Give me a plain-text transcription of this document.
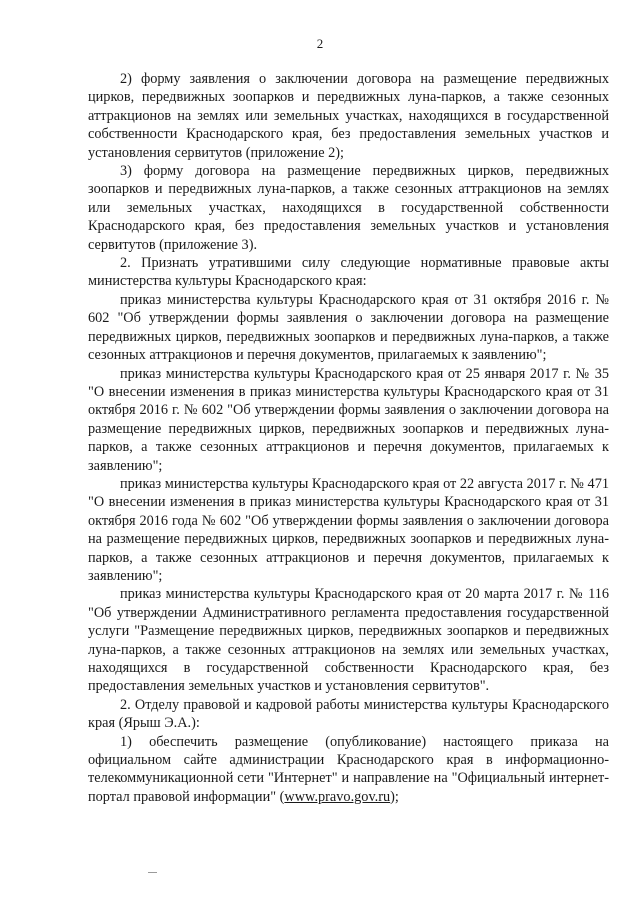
2

2) форму заявления о заключении договора на размещение передвижных цирков, передвижных зоопарков и передвижных луна-парков, а также сезонных аттракционов на землях или земельных участках, находящихся в государственной собственности Краснодарского края, без предоставления земельных участков и установления сервитутов (приложение 2);

3) форму договора на размещение передвижных цирков, передвижных зоопарков и передвижных луна-парков, а также сезонных аттракционов на землях или земельных участках, находящихся в государственной собственности Краснодарского края, без предоставления земельных участков и установления сервитутов (приложение 3).

2. Признать утратившими силу следующие нормативные правовые акты министерства культуры Краснодарского края:

приказ министерства культуры Краснодарского края от 31 октября 2016 г. № 602 "Об утверждении формы заявления о заключении договора на размещение передвижных цирков, передвижных зоопарков и передвижных луна-парков, а также сезонных аттракционов и перечня документов, прилагаемых к заявлению";

приказ министерства культуры Краснодарского края от 25 января 2017 г. № 35 "О внесении изменения в приказ министерства культуры Краснодарского края от 31 октября 2016 г. № 602 "Об утверждении формы заявления о заключении договора на размещение передвижных цирков, передвижных зоопарков и передвижных луна-парков, а также сезонных аттракционов и перечня документов, прилагаемых к заявлению";

приказ министерства культуры Краснодарского края от 22 августа 2017 г. № 471 "О внесении изменения в приказ министерства культуры Краснодарского края от 31 октября 2016 года № 602 "Об утверждении формы заявления о заключении договора на размещение передвижных цирков, передвижных зоопарков и передвижных луна-парков, а также сезонных аттракционов и перечня документов, прилагаемых к заявлению";

приказ министерства культуры Краснодарского края от 20 марта 2017 г. № 116 "Об утверждении Административного регламента предоставления государственной услуги "Размещение передвижных цирков, передвижных зоопарков и передвижных луна-парков, а также сезонных аттракционов на землях или земельных участках, находящихся в государственной собственности Краснодарского края, без предоставления земельных участков и установления сервитутов".

2. Отделу правовой и кадровой работы министерства культуры Краснодарского края (Ярыш Э.А.):

1) обеспечить размещение (опубликование) настоящего приказа на официальном сайте администрации Краснодарского края в информационно-телекоммуникационной сети "Интернет" и направление на "Официальный интернет-портал правовой информации" (www.pravo.gov.ru);
